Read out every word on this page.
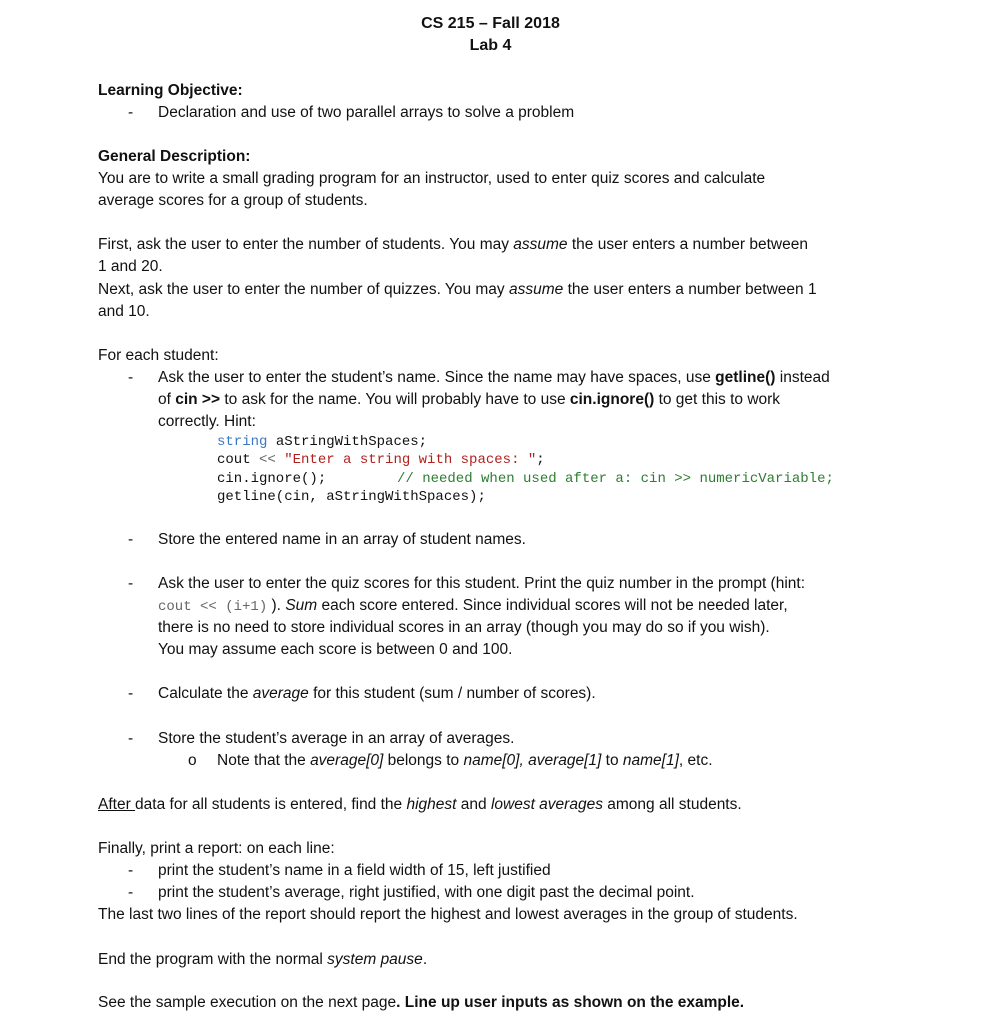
CS 215 – Fall 2018
Lab 4
Learning Objective:
- Declaration and use of two parallel arrays to solve a problem
General Description:
You are to write a small grading program for an instructor, used to enter quiz scores and calculate
average scores for a group of students.
First, ask the user to enter the number of students. You may assume the user enters a number between
1 and 20.
Next, ask the user to enter the number of quizzes. You may assume the user enters a number between 1
and 10.
For each student:
- Ask the user to enter the student’s name. Since the name may have spaces, use getline() instead
of cin >> to ask for the name. You will probably have to use cin.ignore() to get this to work
correctly. Hint:
string aStringWithSpaces;
cout << "Enter a string with spaces: ";
cin.ignore();	// needed when used after a: cin >> numericVariable;
getline(cin, aStringWithSpaces);
- Store the entered name in an array of student names.
- Ask the user to enter the quiz scores for this student. Print the quiz number in the prompt (hint:
cout << (i+1) ). Sum each score entered. Since individual scores will not be needed later,
there is no need to store individual scores in an array (though you may do so if you wish).
You may assume each score is between 0 and 100.
- Calculate the average for this student (sum / number of scores).
- Store the student’s average in an array of averages.
o Note that the average[0] belongs to name[0], average[1] to name[1], etc.
After data for all students is entered, find the highest and lowest averages among all students.
Finally, print a report: on each line:
- print the student’s name in a field width of 15, left justified
- print the student’s average, right justified, with one digit past the decimal point.
The last two lines of the report should report the highest and lowest averages in the group of students.
End the program with the normal system pause.
See the sample execution on the next page. Line up user inputs as shown on the example.
